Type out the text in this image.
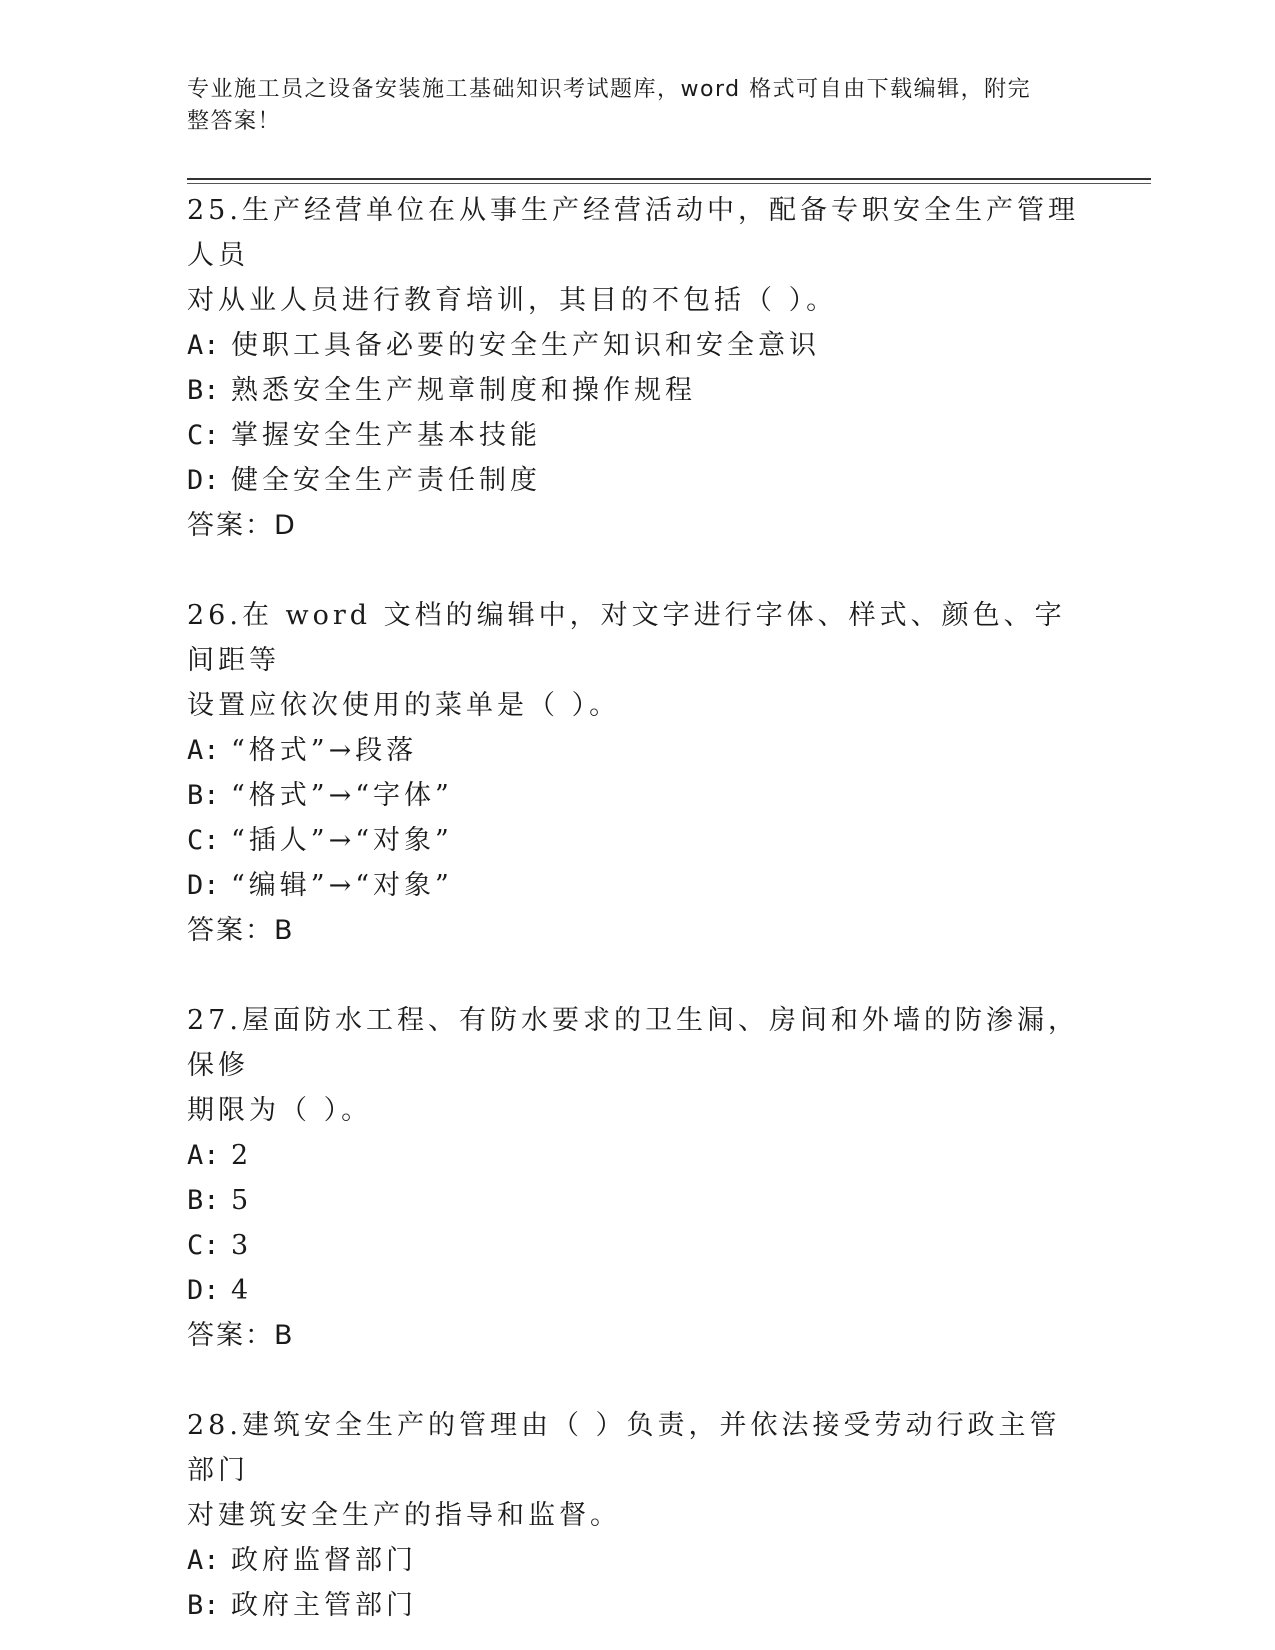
专业施工员之设备安装施工基础知识考试题库，word 格式可自由下载编辑，附完
整答案！

25.生产经营单位在从事生产经营活动中，配备专职安全生产管理人员

对从业人员进行教育培训，其目的不包括（ ）。

A: 使职工具备必要的安全生产知识和安全意识

B: 熟悉安全生产规章制度和操作规程

C: 掌握安全生产基本技能

D: 健全安全生产责任制度

答案：D

26.在 word 文档的编辑中，对文字进行字体、样式、颜色、字间距等

设置应依次使用的菜单是（ ）。

A: “格式”→段落

B: “格式”→“字体”

C: “插人”→“对象”

D: “编辑”→“对象”

答案：B

27.屋面防水工程、有防水要求的卫生间、房间和外墙的防渗漏，保修

期限为（ ）。

A: 2

B: 5

C: 3

D: 4

答案：B

28.建筑安全生产的管理由（ ）负责，并依法接受劳动行政主管部门

对建筑安全生产的指导和监督。

A: 政府监督部门

B: 政府主管部门
